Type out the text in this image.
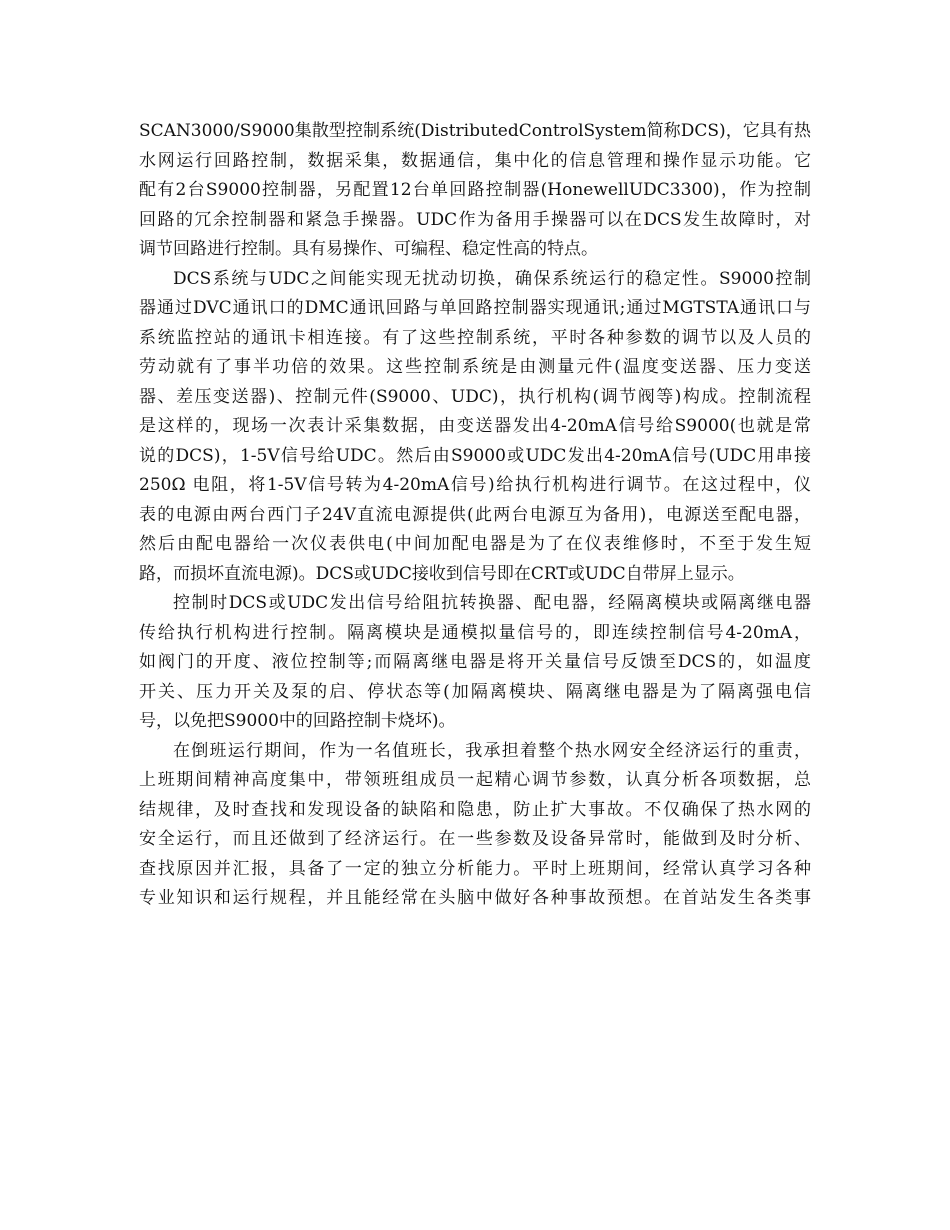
SCAN3000/S9000集散型控制系统(DistributedControlSystem简称DCS)，它具有热
水网运行回路控制，数据采集，数据通信，集中化的信息管理和操作显示功能。它
配有2台S9000控制器，另配置12台单回路控制器(HonewellUDC3300)，作为控制
回路的冗余控制器和紧急手操器。UDC作为备用手操器可以在DCS发生故障时，对
调节回路进行控制。具有易操作、可编程、稳定性高的特点。
DCS系统与UDC之间能实现无扰动切换，确保系统运行的稳定性。S9000控制
器通过DVC通讯口的DMC通讯回路与单回路控制器实现通讯;通过MGTSTA通讯口与
系统监控站的通讯卡相连接。有了这些控制系统，平时各种参数的调节以及人员的
劳动就有了事半功倍的效果。这些控制系统是由测量元件(温度变送器、压力变送
器、差压变送器)、控制元件(S9000、UDC)，执行机构(调节阀等)构成。控制流程
是这样的，现场一次表计采集数据，由变送器发出4-20mA信号给S9000(也就是常
说的DCS)，1-5V信号给UDC。然后由S9000或UDC发出4-20mA信号(UDC用串接
250Ω 电阻，将1-5V信号转为4-20mA信号)给执行机构进行调节。在这过程中，仪
表的电源由两台西门子24V直流电源提供(此两台电源互为备用)，电源送至配电器，
然后由配电器给一次仪表供电(中间加配电器是为了在仪表维修时，不至于发生短
路，而损坏直流电源)。DCS或UDC接收到信号即在CRT或UDC自带屏上显示。
控制时DCS或UDC发出信号给阻抗转换器、配电器，经隔离模块或隔离继电器
传给执行机构进行控制。隔离模块是通模拟量信号的，即连续控制信号4-20mA，
如阀门的开度、液位控制等;而隔离继电器是将开关量信号反馈至DCS的，如温度
开关、压力开关及泵的启、停状态等(加隔离模块、隔离继电器是为了隔离强电信
号，以免把S9000中的回路控制卡烧坏)。
在倒班运行期间，作为一名值班长，我承担着整个热水网安全经济运行的重责，
上班期间精神高度集中，带领班组成员一起精心调节参数，认真分析各项数据，总
结规律，及时查找和发现设备的缺陷和隐患，防止扩大事故。不仅确保了热水网的
安全运行，而且还做到了经济运行。在一些参数及设备异常时，能做到及时分析、
查找原因并汇报，具备了一定的独立分析能力。平时上班期间，经常认真学习各种
专业知识和运行规程，并且能经常在头脑中做好各种事故预想。在首站发生各类事
